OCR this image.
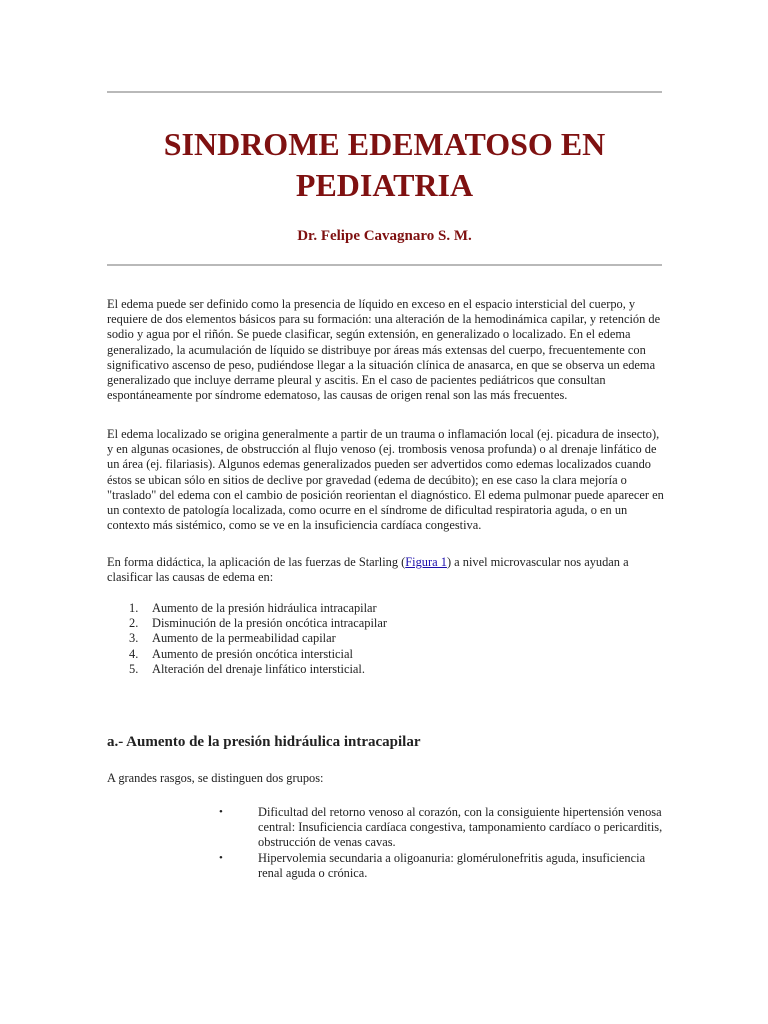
SINDROME EDEMATOSO EN PEDIATRIA

Dr. Felipe Cavagnaro S. M.

El edema puede ser definido como la presencia de líquido en exceso en el espacio intersticial del cuerpo, y requiere de dos elementos básicos para su formación: una alteración de la hemodinámica capilar, y retención de sodio y agua por el riñón. Se puede clasificar, según extensión, en generalizado o localizado. En el edema generalizado, la acumulación de líquido se distribuye por áreas más extensas del cuerpo, frecuentemente con significativo ascenso de peso, pudiéndose llegar a la situación clínica de anasarca, en que se observa un edema generalizado que incluye derrame pleural y ascitis. En el caso de pacientes pediátricos que consultan espontáneamente por síndrome edematoso, las causas de origen renal son las más frecuentes.

El edema localizado se origina generalmente a partir de un trauma o inflamación local (ej. picadura de insecto), y en algunas ocasiones, de obstrucción al flujo venoso (ej. trombosis venosa profunda) o al drenaje linfático de un área (ej. filariasis). Algunos edemas generalizados pueden ser advertidos como edemas localizados cuando éstos se ubican sólo en sitios de declive por gravedad (edema de decúbito); en ese caso la clara mejoría o "traslado" del edema con el cambio de posición reorientan el diagnóstico. El edema pulmonar puede aparecer en un contexto de patología localizada, como ocurre en el síndrome de dificultad respiratoria aguda, o en un contexto más sistémico, como se ve en la insuficiencia cardíaca congestiva.

En forma didáctica, la aplicación de las fuerzas de Starling (Figura 1) a nivel microvascular nos ayudan a clasificar las causas de edema en:

1. Aumento de la presión hidráulica intracapilar
2. Disminución de la presión oncótica intracapilar
3. Aumento de la permeabilidad capilar
4. Aumento de presión oncótica intersticial
5. Alteración del drenaje linfático intersticial.
a.- Aumento de la presión hidráulica intracapilar

A grandes rasgos, se distinguen dos grupos:

•	Dificultad del retorno venoso al corazón, con la consiguiente hipertensión venosa central: Insuficiencia cardíaca congestiva, tamponamiento cardíaco o pericarditis, obstrucción de venas cavas.
•	Hipervolemia secundaria a oligoanuria: glomérulonefritis aguda, insuficiencia renal aguda o crónica.
